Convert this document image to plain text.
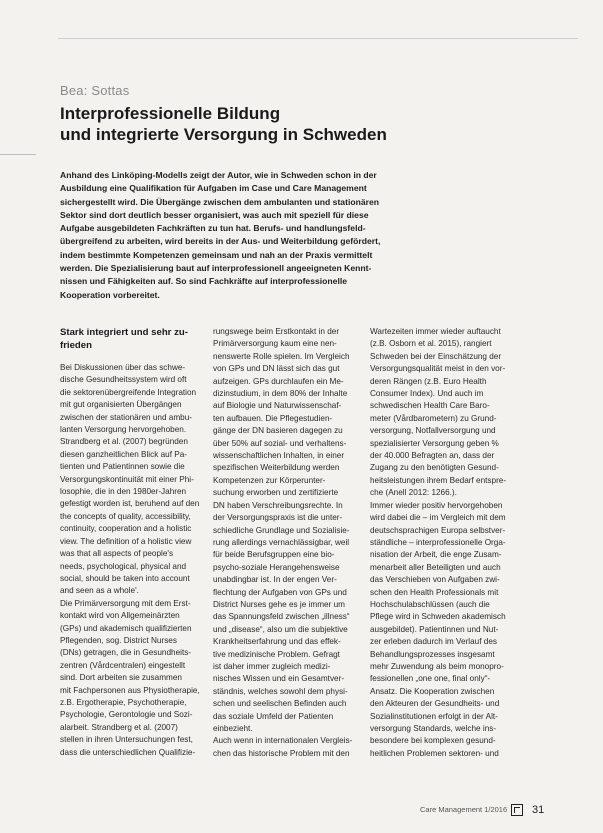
Bea: Sottas
Interprofessionelle Bildung
und integrierte Versorgung in Schweden
Anhand des Linköping-Modells zeigt der Autor, wie in Schweden schon in der
Ausbildung eine Qualifikation für Aufgaben im Case und Care Management
sichergestellt wird. Die Übergänge zwischen dem ambulanten und stationären
Sektor sind dort deutlich besser organisiert, was auch mit speziell für diese
Aufgabe ausgebildeten Fachkräften zu tun hat. Berufs- und handlungsfeld-
übergreifend zu arbeiten, wird bereits in der Aus- und Weiterbildung gefördert,
indem bestimmte Kompetenzen gemeinsam und nah an der Praxis vermittelt
werden. Die Spezialisierung baut auf interprofessionell angeeigneten Kennt-
nissen und Fähigkeiten auf. So sind Fachkräfte auf interprofessionelle
Kooperation vorbereitet.
Stark integriert und sehr zu-
frieden
Bei Diskussionen über das schwe-
dische Gesundheitssystem wird oft
die sektorenübergreifende Integration
mit gut organisierten Übergängen
zwischen der stationären und ambu-
lanten Versorgung hervorgehoben.
Strandberg et al. (2007) begründen
diesen ganzheitlichen Blick auf Pa-
tienten und Patientinnen sowie die
Versorgungskontinuität mit einer Phi-
losophie, die in den 1980er-Jahren
gefestigt worden ist, beruhend auf den
the concepts of quality, accessibility,
continuity, cooperation and a holistic
view. The definition of a holistic view
was that all aspects of people's
needs, psychological, physical and
social, should be taken into account
and seen as a whole'.
Die Primärversorgung mit dem Erst-
kontakt wird von Allgemeinärzten
(GPs) und akademisch qualifizierten
Pflegenden, sog. District Nurses
(DNs) getragen, die in Gesundheits-
zentren (Vårdcentralen) eingestellt
sind. Dort arbeiten sie zusammen
mit Fachpersonen aus Physiotherapie,
z.B. Ergotherapie, Psychotherapie,
Psychologie, Gerontologie und Sozi-
alarbeit. Strandberg et al. (2007)
stellen in ihren Untersuchungen fest,
dass die unterschiedlichen Qualifizie-
rungswege beim Erstkontakt in der
Primärversorgung kaum eine nen-
nenswerte Rolle spielen. Im Vergleich
von GPs und DN lässt sich das gut
aufzeigen. GPs durchlaufen ein Me-
dizinstudium, in dem 80% der Inhalte
auf Biologie und Naturwissenschaf-
ten aufbauen. Die Pflegestudien-
gänge der DN basieren dagegen zu
über 50% auf sozial- und verhaltens-
wissenschaftlichen Inhalten, in einer
spezifischen Weiterbildung werden
Kompetenzen zur Körperunter-
suchung erworben und zertifizierte
DN haben Verschreibungsrechte. In
der Versorgungspraxis ist die unter-
schiedliche Grundlage und Sozialisie-
rung allerdings vernachlässigbar, weil
für beide Berufsgruppen eine bio-
psycho-soziale Herangehensweise
unabdingbar ist. In der engen Ver-
flechtung der Aufgaben von GPs und
District Nurses gehe es je immer um
das Spannungsfeld zwischen „illness“
und „disease“, also um die subjektive
Krankheitserfahrung und das effek-
tive medizinische Problem. Gefragt
ist daher immer zugleich medizi-
nisches Wissen und ein Gesamtver-
ständnis, welches sowohl dem physi-
schen und seelischen Befinden auch
das soziale Umfeld der Patienten
einbezieht.
Auch wenn in internationalen Vergleis-
chen das historische Problem mit den
Wartezeiten immer wieder auftaucht
(z.B. Osborn et al. 2015), rangiert
Schweden bei der Einschätzung der
Versorgungsqualität meist in den vor-
deren Rängen (z.B. Euro Health
Consumer Index). Und auch im
schwedischen Health Care Baro-
meter (Vårdbarometern) zu Grund-
versorgung, Notfallversorgung und
spezialisierter Versorgung geben %
der 40.000 Befragten an, dass der
Zugang zu den benötigten Gesund-
heitsleistungen ihrem Bedarf entspre-
che (Anell 2012: 1266.).
Immer wieder positiv hervorgehoben
wird dabei die – im Vergleich mit dem
deutschsprachigen Europa selbstver-
ständliche – interprofessionelle Orga-
nisation der Arbeit, die enge Zusam-
menarbeit aller Beteiligten und auch
das Verschieben von Aufgaben zwi-
schen den Health Professionals mit
Hochschulabschlüssen (auch die
Pflege wird in Schweden akademisch
ausgebildet). Patientinnen und Nut-
zer erleben dadurch im Verlauf des
Behandlungsprozesses insgesamt
mehr Zuwendung als beim monopro-
fessionellen „one one, final only“-
Ansatz. Die Kooperation zwischen
den Akteuren der Gesundheits- und
Sozialinstitutionen erfolgt in der Alt-
versorgung Standards, welche ins-
besondere bei komplexen gesund-
heitlichen Problemen sektoren- und
Care Management 1/2016 31
